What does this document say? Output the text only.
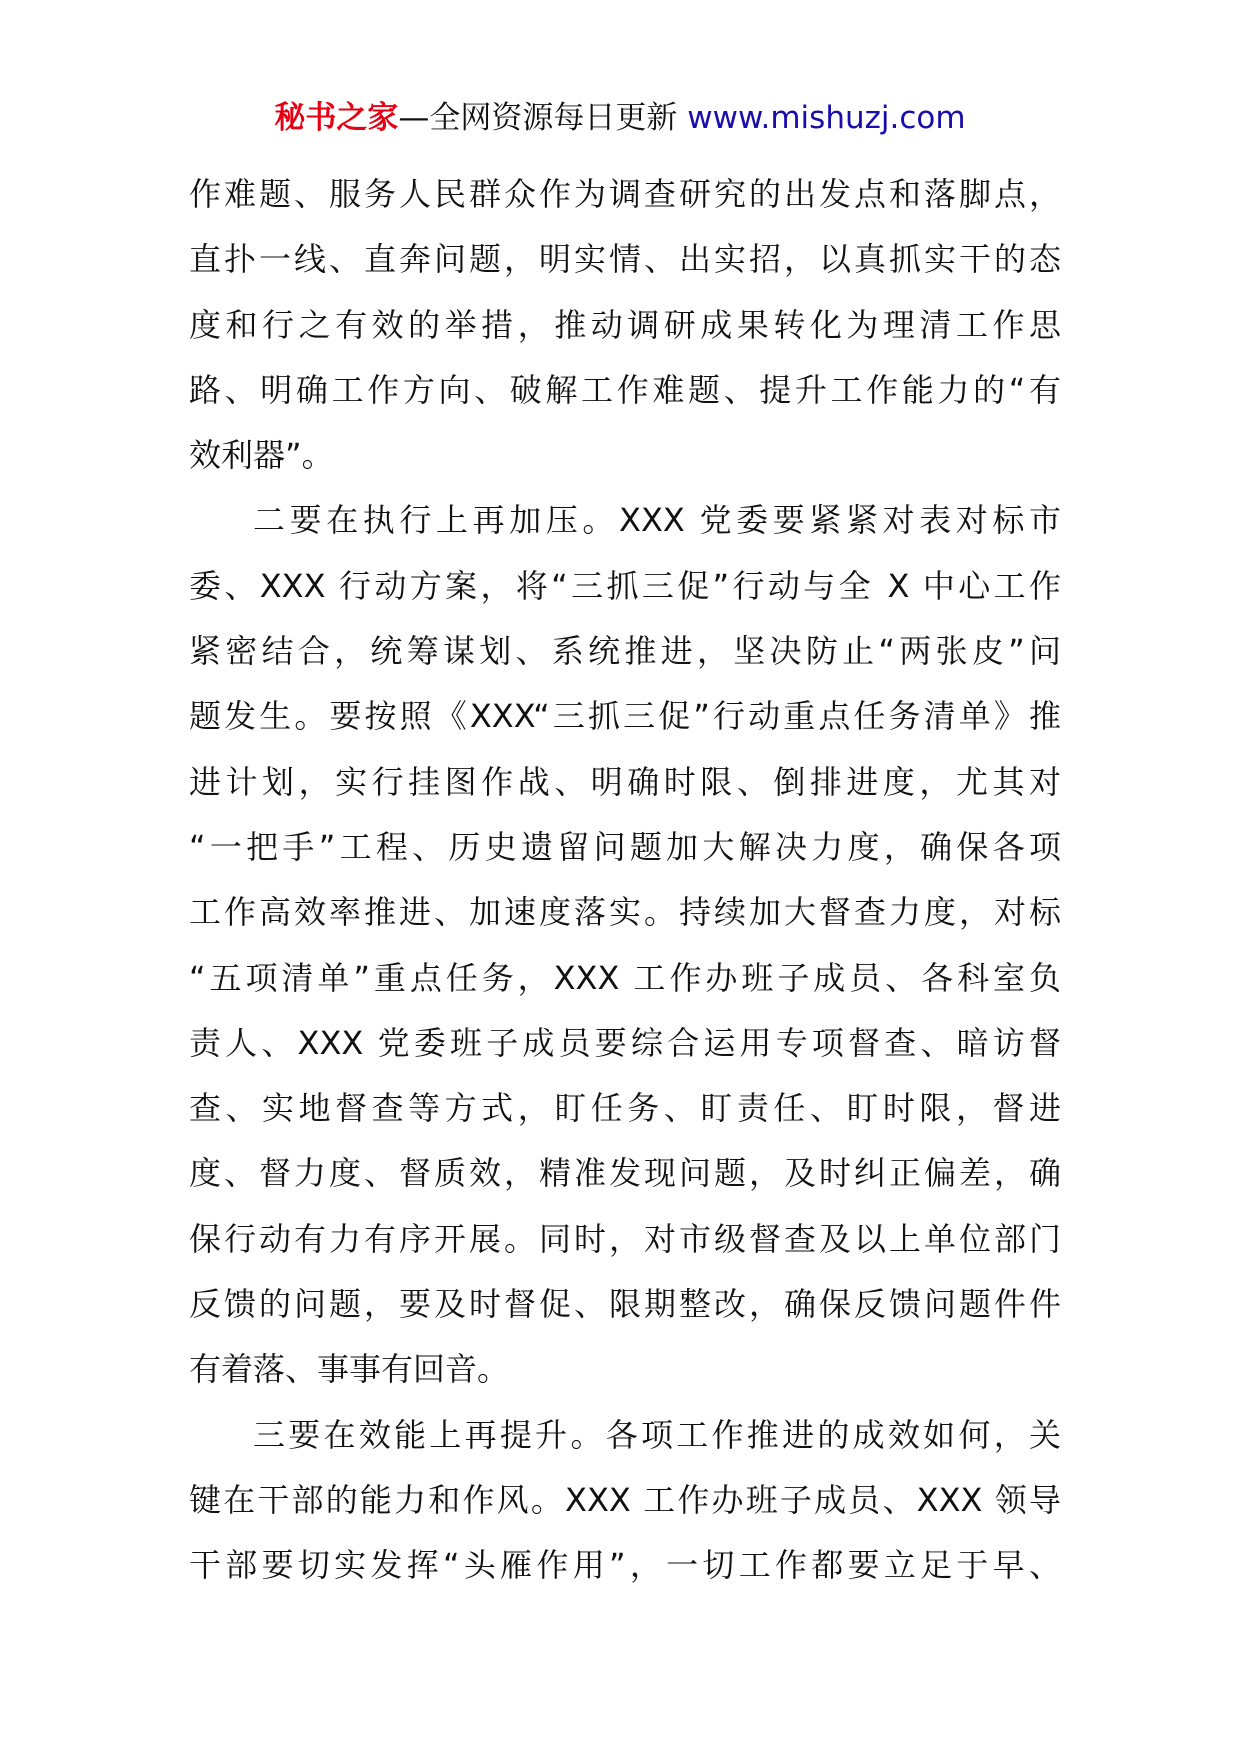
秘书之家—全网资源每日更新 www.mishuzj.com
作难题、服务人民群众作为调查研究的出发点和落脚点，
直扑一线、直奔问题，明实情、出实招，以真抓实干的态
度和行之有效的举措，推动调研成果转化为理清工作思
路、明确工作方向、破解工作难题、提升工作能力的“有
效利器”。
二要在执行上再加压。XXX 党委要紧紧对表对标市
委、XXX 行动方案，将“三抓三促”行动与全 X 中心工作
紧密结合，统筹谋划、系统推进，坚决防止“两张皮”问
题发生。要按照《XXX“三抓三促”行动重点任务清单》推
进计划，实行挂图作战、明确时限、倒排进度，尤其对
“一把手”工程、历史遗留问题加大解决力度，确保各项
工作高效率推进、加速度落实。持续加大督查力度，对标
“五项清单”重点任务，XXX 工作办班子成员、各科室负
责人、XXX 党委班子成员要综合运用专项督查、暗访督
查、实地督查等方式，盯任务、盯责任、盯时限，督进
度、督力度、督质效，精准发现问题，及时纠正偏差，确
保行动有力有序开展。同时，对市级督查及以上单位部门
反馈的问题，要及时督促、限期整改，确保反馈问题件件
有着落、事事有回音。
三要在效能上再提升。各项工作推进的成效如何，关
键在干部的能力和作风。XXX 工作办班子成员、XXX 领导
干部要切实发挥“头雁作用”，一切工作都要立足于早、
